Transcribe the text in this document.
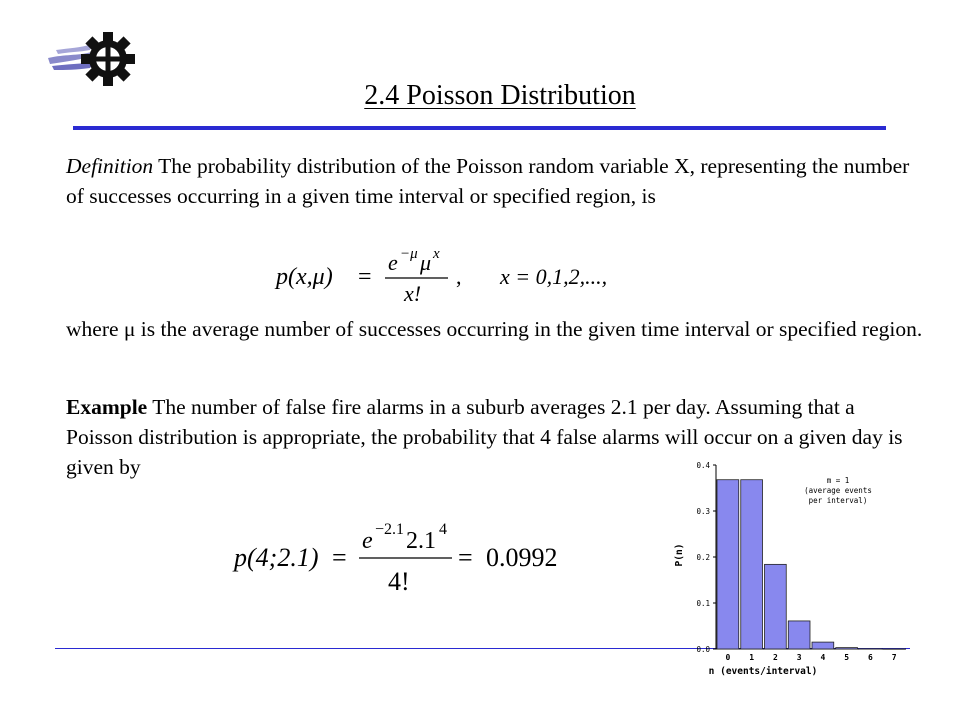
2.4 Poisson Distribution

Definition The probability distribution of the Poisson random variable X, representing the number of successes occurring in a given time interval or specified region, is

p(x,μ) =
e −μ μ x
x!
, x = 0,1,2,...,

where μ is the average number of successes occurring in the given time interval or specified region.

Example The number of false fire alarms in a suburb averages 2.1 per day. Assuming that a Poisson distribution is appropriate, the probability that 4 false alarms will occur on a given day is given by

p(4;2.1) =
e −2.1 2.1 4
4!
= 0.0992
m = 1
(average events
per interval)
0.0
0.1
0.2
0.3
0.4
0 1 2 3 4 5 6 7
n (events/interval)
P(n)
